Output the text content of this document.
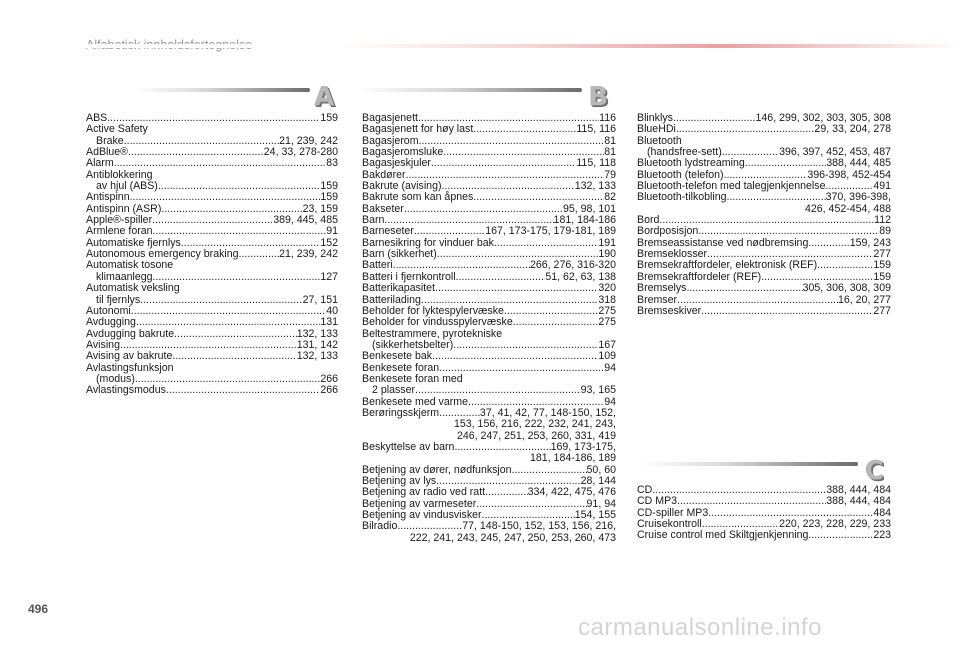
A
ABS .....	159
Active Safety
Brake .....	21, 239, 242
AdBlue® .....	24, 33, 278-280
Alarm .....	83
Antiblokkering
av hjul (ABS) .....	159
Antispinn .....	159
Antispinn (ASR) .....	23, 159
Apple®-spiller .....	389, 445, 485
Armlene foran .....	91
Automatiske fjernlys .....	152
Autonomous emergency braking .....	21, 239, 242
Automatisk tosone
klimaanlegg .....	127
Automatisk veksling
til fjernlys .....	27, 151
Autonomi .....	40
Avdugging .....	131
Avdugging bakrute .....	132, 133
Avising .....	131, 142
Avising av bakrute .....	132, 133
Avlastingsfunksjon
(modus) .....	266
Avlastingsmodus .....	266
B
Bagasjenett .....	116
Bagasjenett for høy last .....	115, 116
Bagasjerom .....	81
Bagasjeromsluke .....	81
Bagasjeskjuler .....	115, 118
Bakdører .....	79
Bakrute (avising) .....	132, 133
Bakrute som kan åpnes .....	82
Bakseter .....	95, 98, 101
Barn .....	181, 184-186
Barneseter .....	167, 173-175, 179-181, 189
Barnesikring for vinduer bak .....	191
Barn (sikkerhet) .....	190
Batteri .....	266, 276, 316-320
Batteri i fjernkontroll .....	51, 62, 63, 138
Batterikapasitet .....	320
Batterilading .....	318
Beholder for lyktespylervæske .....	275
Beholder for vindusspylervæske .....	275
Beltestrammere, pyrotekniske
(sikkerhetsbelter) .....	167
Benkesete bak .....	109
Benkesete foran .....	94
Benkesete foran med
2 plasser .....	93, 165
Benkesete med varme .....	94
Berøringsskjerm .....	37, 41, 42, 77, 148-150, 152,
153, 156, 216, 222, 232, 241, 243,
246, 247, 251, 253, 260, 331, 419
Beskyttelse av barn .....	169, 173-175,
181, 184-186, 189
Betjening av dører, nødfunksjon .....	50, 60
Betjening av lys .....	28, 144
Betjening av radio ved ratt .....	334, 422, 475, 476
Betjening av varmeseter .....	91, 94
Betjening av vindusvisker .....	154, 155
Bilradio .....	77, 148-150, 152, 153, 156, 216,
222, 241, 243, 245, 247, 250, 253, 260, 473
Blinklys .....	146, 299, 302, 303, 305, 308
BlueHDi .....	29, 33, 204, 278
Bluetooth
(handsfree-sett) .....	396, 397, 452, 453, 487
Bluetooth lydstreaming .....	388, 444, 485
Bluetooth (telefon) .....	396-398, 452-454
Bluetooth-telefon med talegjenkjennelse .....	491
Bluetooth-tilkobling .....	370, 396-398,
426, 452-454, 488
Bord .....	112
Bordposisjon .....	89
Bremseassistanse ved nødbremsing .....	159, 243
Bremseklosser .....	277
Bremsekraftfordeler, elektronisk (REF) .....	159
Bremsekraftfordeler (REF) .....	159
Bremselys .....	305, 306, 308, 309
Bremser .....	16, 20, 277
Bremseskiver .....	277
C
CD .....	388, 444, 484
CD MP3 .....	388, 444, 484
CD-spiller MP3 .....	484
Cruisekontroll .....	220, 223, 228, 229, 233
Cruise control med Skiltgjenkjenning .....	223
496
carmanualsonline.info
